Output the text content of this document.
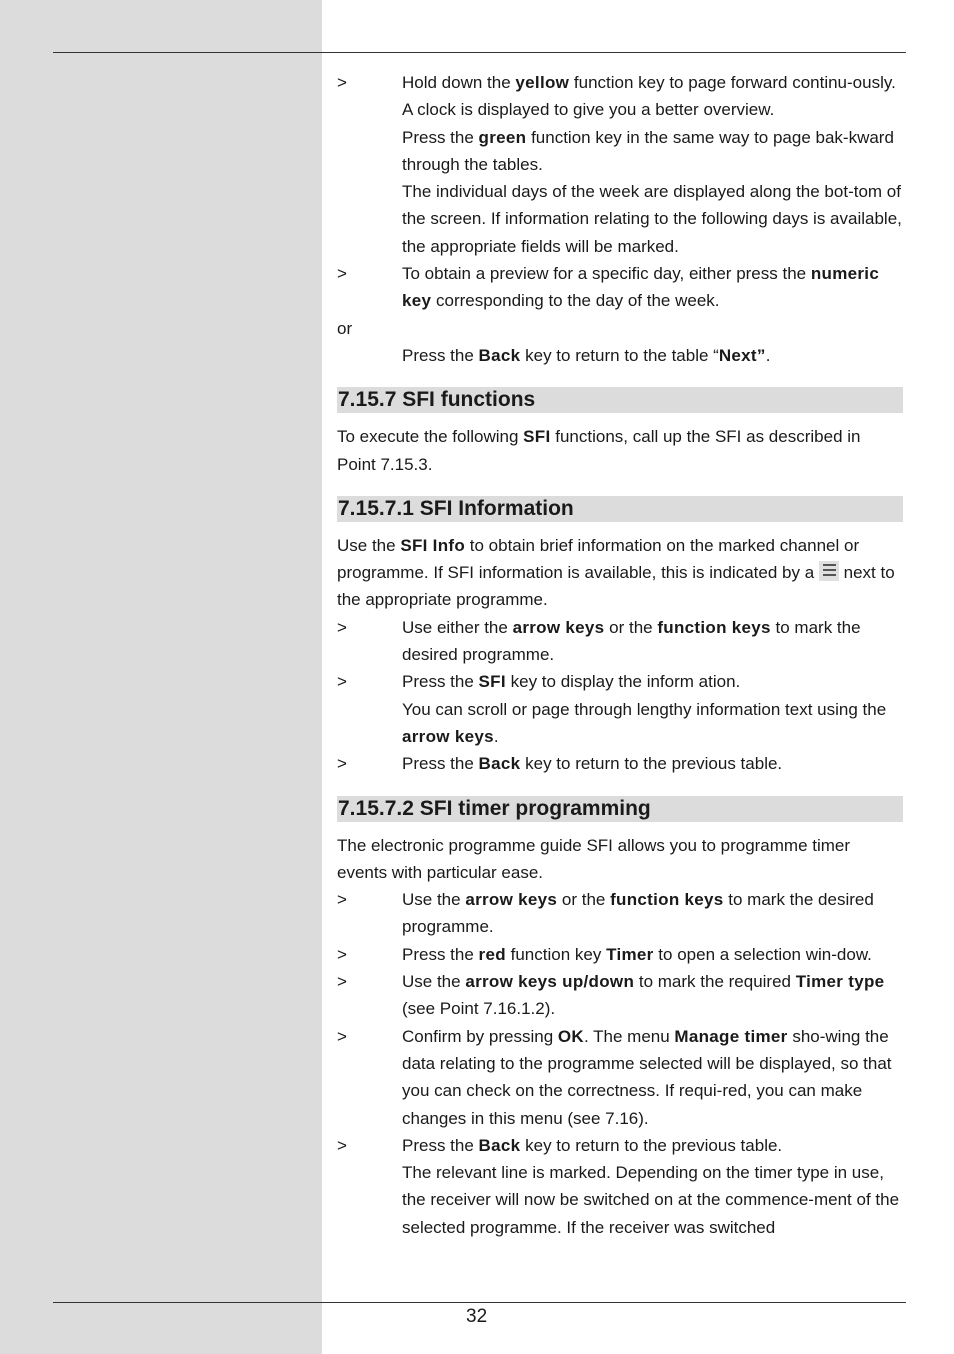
>	Hold down the yellow function key to page forward continu-ously. A clock is displayed to give you a better overview.

Press the green function key in the same way to page bak-kward through the tables.

The individual days of the week are displayed along the bot-tom of the screen. If information relating to the following days is available, the appropriate fields will be marked.

>	To obtain a preview for a specific day, either press the numeric key corresponding to the day of the week.

or

Press the Back key to return to the table “Next”.

7.15.7 SFI functions

To execute the following SFI functions, call up the SFI as described in Point 7.15.3.

7.15.7.1 SFI Information

Use the SFI Info to obtain brief information on the marked channel or programme. If SFI information is available, this is indicated by a
next to the appropriate programme.

>	Use either the arrow keys or the function keys to mark the desired programme.

>	Press the SFI key to display the inform ation.

You can scroll or page through lengthy information text using the arrow keys.

>	Press the Back key to return to the previous table.

7.15.7.2 SFI timer programming

The electronic programme guide SFI allows you to programme timer events with particular ease.

>	Use the arrow keys or the function keys to mark the desired programme.

>	Press the red function key Timer to open a selection win-dow.

>	Use the arrow keys up/down to mark the required Timer type (see Point 7.16.1.2).

>	Confirm by pressing OK. The menu Manage timer sho-wing the data relating to the programme selected will be displayed, so that you can check on the correctness. If requi-red, you can make changes in this menu (see 7.16).

>	Press the Back key to return to the previous table.

The relevant line is marked. Depending on the timer type in use, the receiver will now be switched on at the commence-ment of the selected programme. If the receiver was switched

32
